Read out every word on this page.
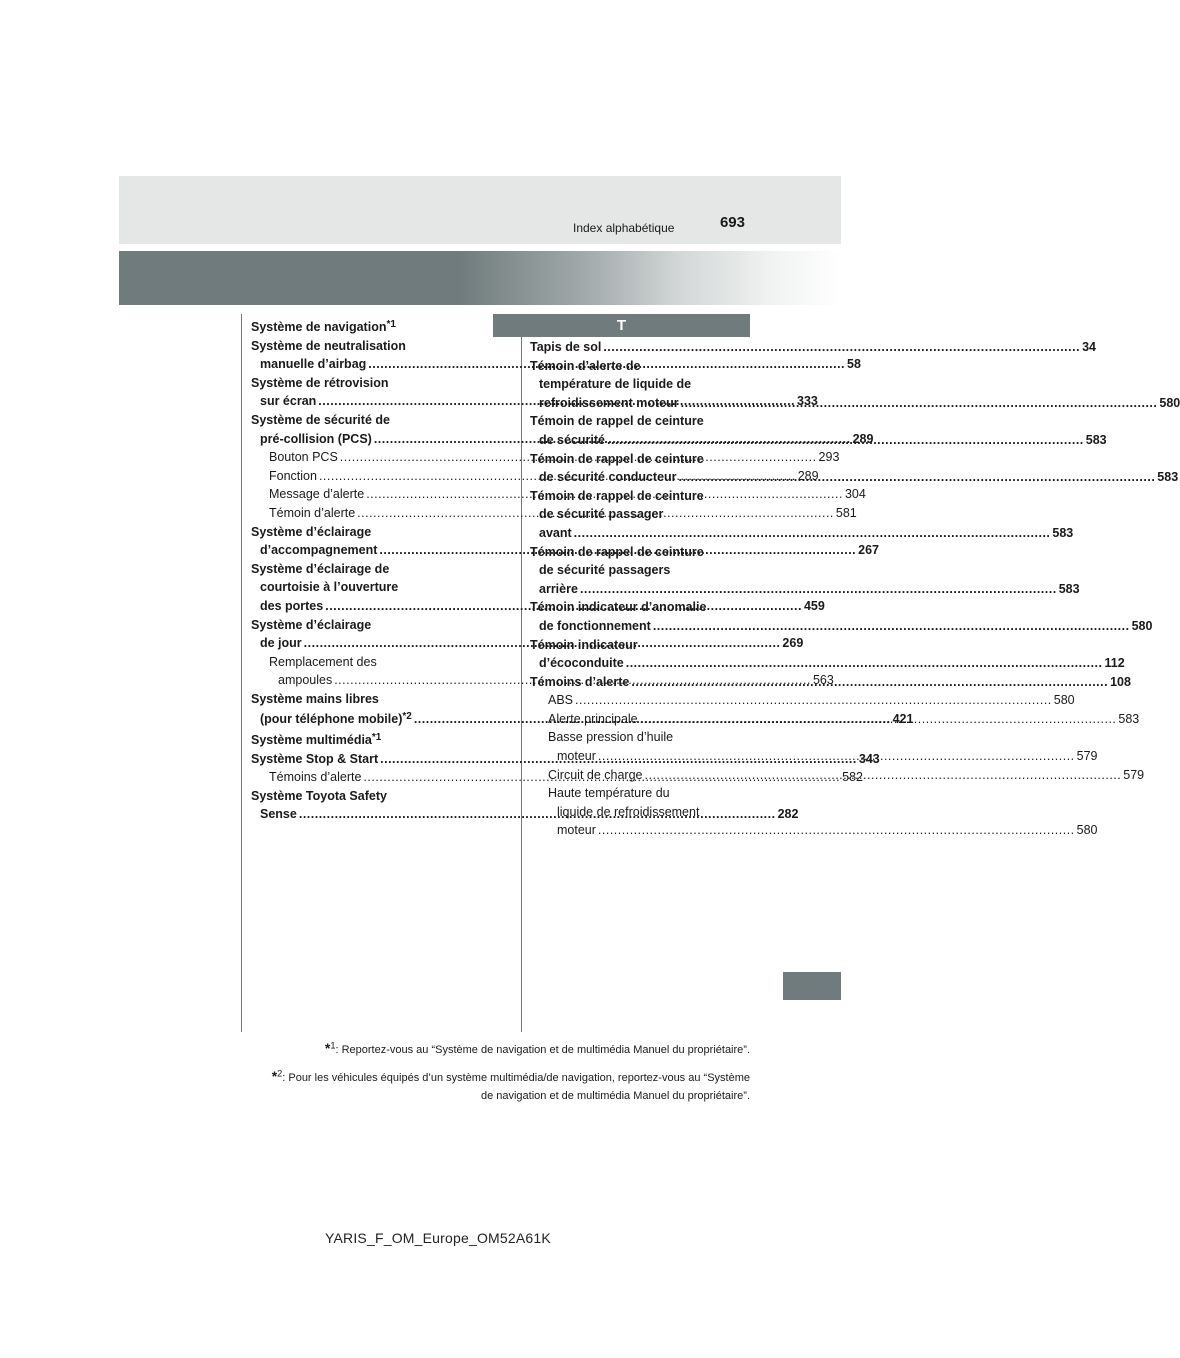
Index alphabétique	693
Système de navigation$^{*1}$
Système de neutralisation
manuelle d’airbag .....	58
Système de rétrovision
sur écran .....	333
Système de sécurité de
pré-collision (PCS) .....	289
Bouton PCS .....	293
Fonction .....	289
Message d’alerte .....	304
Témoin d’alerte .....	581
Système d’éclairage
d’accompagnement .....	267
Système d’éclairage de
courtoisie à l’ouverture
des portes .....	459
Système d’éclairage
de jour .....	269
Remplacement des
ampoules .....	563
Système mains libres
(pour téléphone mobile)$^{*2}$ .....	421
Système multimédia$^{*1}$
Système Stop & Start .....	343
Témoins d’alerte .....	582
Système Toyota Safety
Sense .....	282
T
Tapis de sol .....	34
Témoin d’alerte de
température de liquide de
refroidissement moteur .....	580
Témoin de rappel de ceinture
de sécurité .....	583
Témoin de rappel de ceinture
de sécurité conducteur .....	583
Témoin de rappel de ceinture
de sécurité passager
avant .....	583
Témoin de rappel de ceinture
de sécurité passagers
arrière .....	583
Témoin indicateur d’anomalie
de fonctionnement .....	580
Témoin indicateur
d’écoconduite .....	112
Témoins d’alerte .....	108
ABS .....	580
Alerte principale .....	583
Basse pression d’huile
moteur .....	579
Circuit de charge .....	579
Haute température du
liquide de refroidissement
moteur .....	580
*$^1$: Reportez-vous au “Système de navigation et de multimédia Manuel du propriétaire”.
*$^2$: Pour les véhicules équipés d’un système multimédia/de navigation, reportez-vous au “Système
de navigation et de multimédia Manuel du propriétaire”.
YARIS_F_OM_Europe_OM52A61K
